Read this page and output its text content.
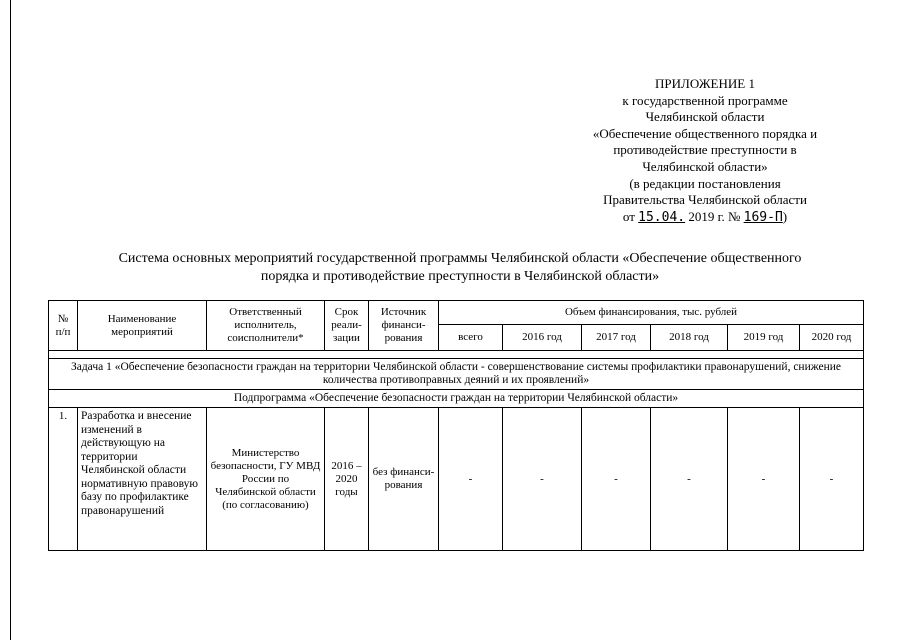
ПРИЛОЖЕНИЕ 1
к государственной программе
Челябинской области
«Обеспечение общественного порядка и
противодействие преступности в
Челябинской области»
(в редакции постановления
Правительства Челябинской области
от 15.04. 2019 г. № 169-П)
Система основных мероприятий государственной программы Челябинской области «Обеспечение общественного
порядка и противодействие преступности в Челябинской области»
№ п/п	Наименование мероприятий	Ответственный исполнитель, соисполнители*	Срок реали-зации	Источник финанси-рования	Объем финансирования, тыс. рублей					
					всего	2016 год	2017 год	2018 год	2019 год	2020 год

Задача 1 «Обеспечение безопасности граждан на территории Челябинской области - совершенствование системы профилактики правонарушений, снижение количества противоправных деяний и их проявлений»										
Подпрограмма «Обеспечение безопасности граждан на территории Челябинской области»										
1.	Разработка и внесение изменений в действующую на территории Челябинской области нормативную правовую базу по профилактике правонарушений	Министерство безопасности, ГУ МВД России по Челябинской области (по согласованию)	2016 – 2020 годы	без финанси-рования	-	-	-	-	-	-
